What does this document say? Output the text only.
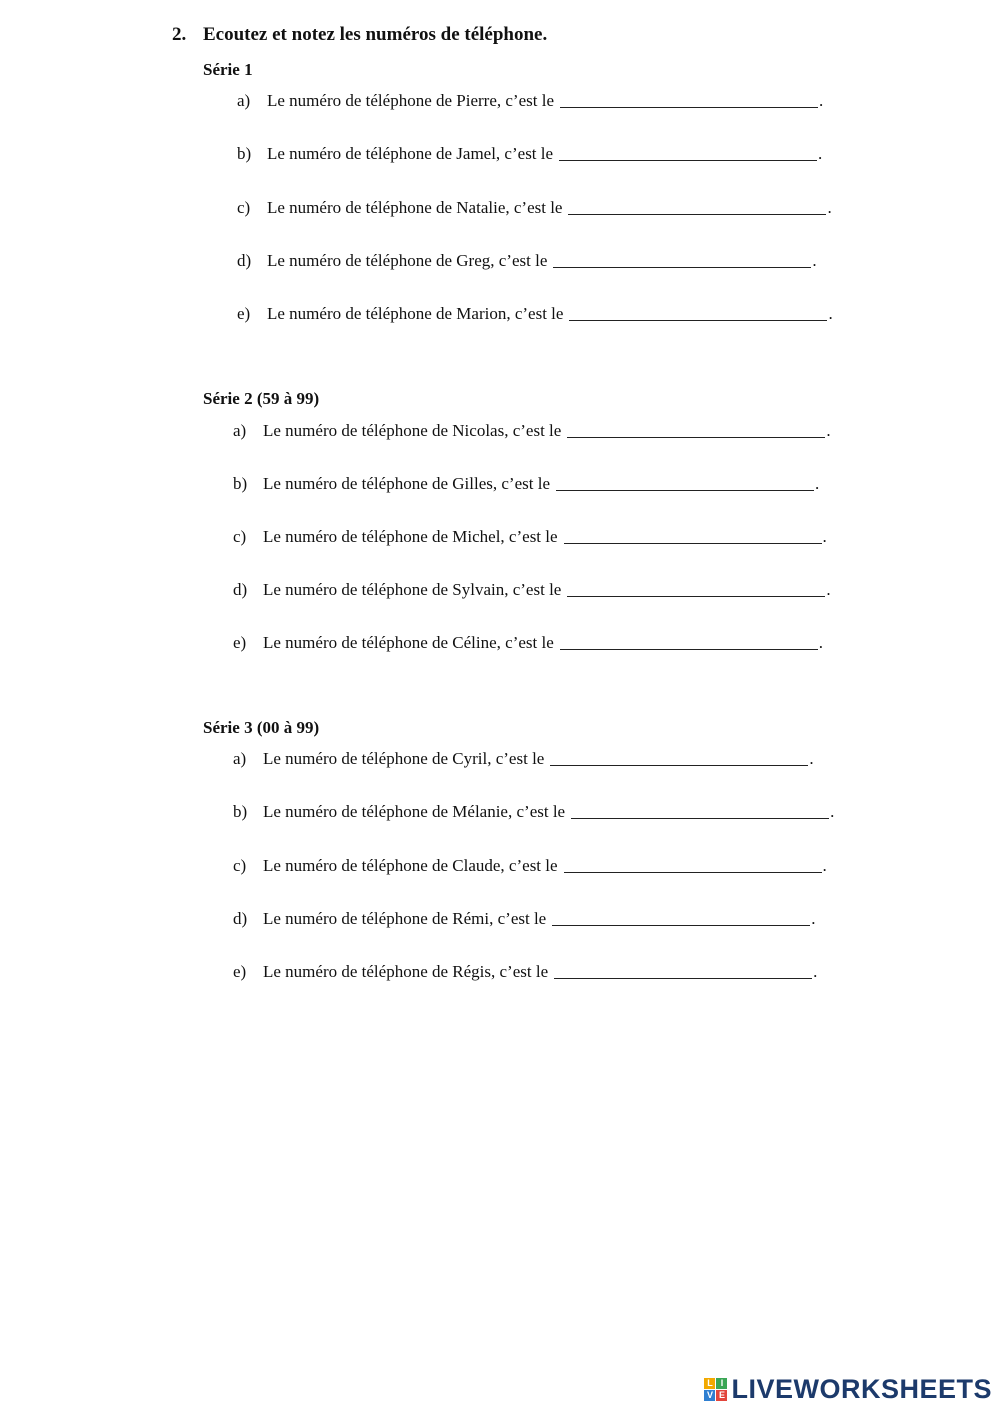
2. Ecoutez et notez les numéros de téléphone.
Série 1
a) Le numéro de téléphone de Pierre, c’est le	.
b) Le numéro de téléphone de Jamel, c’est le	.
c) Le numéro de téléphone de Natalie, c’est le	.
d) Le numéro de téléphone de Greg, c’est le	.
e) Le numéro de téléphone de Marion, c’est le	.
Série 2 (59 à 99)
a) Le numéro de téléphone de Nicolas, c’est le	.
b) Le numéro de téléphone de Gilles, c’est le	.
c) Le numéro de téléphone de Michel, c’est le	.
d) Le numéro de téléphone de Sylvain, c’est le	.
e) Le numéro de téléphone de Céline, c’est le	.
Série 3 (00 à 99)
a) Le numéro de téléphone de Cyril, c’est le	.
b) Le numéro de téléphone de Mélanie, c’est le	.
c) Le numéro de téléphone de Claude, c’est le	.
d) Le numéro de téléphone de Rémi, c’est le	.
e) Le numéro de téléphone de Régis, c’est le	.
L I
V E LIVEWORKSHEETS
